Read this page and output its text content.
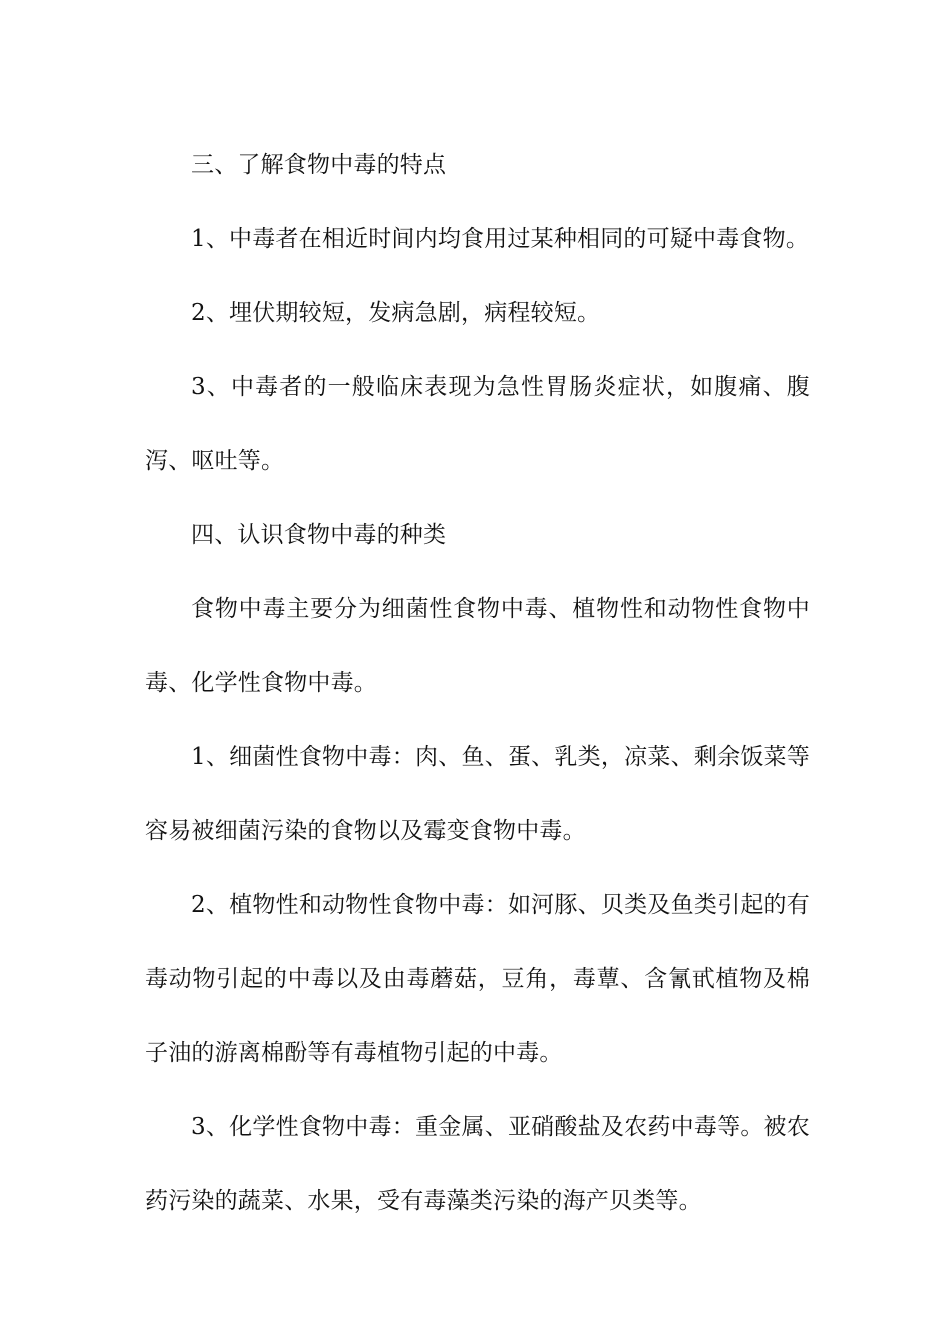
三、了解食物中毒的特点

1、中毒者在相近时间内均食用过某种相同的可疑中毒食物。

2、埋伏期较短，发病急剧，病程较短。

3、中毒者的一般临床表现为急性胃肠炎症状，如腹痛、腹泻、呕吐等。

四、认识食物中毒的种类

食物中毒主要分为细菌性食物中毒、植物性和动物性食物中毒、化学性食物中毒。

1、细菌性食物中毒：肉、鱼、蛋、乳类，凉菜、剩余饭菜等容易被细菌污染的食物以及霉变食物中毒。

2、植物性和动物性食物中毒：如河豚、贝类及鱼类引起的有毒动物引起的中毒以及由毒蘑菇，豆角，毒蕈、含氰甙植物及棉子油的游离棉酚等有毒植物引起的中毒。

3、化学性食物中毒：重金属、亚硝酸盐及农药中毒等。被农药污染的蔬菜、水果，受有毒藻类污染的海产贝类等。
